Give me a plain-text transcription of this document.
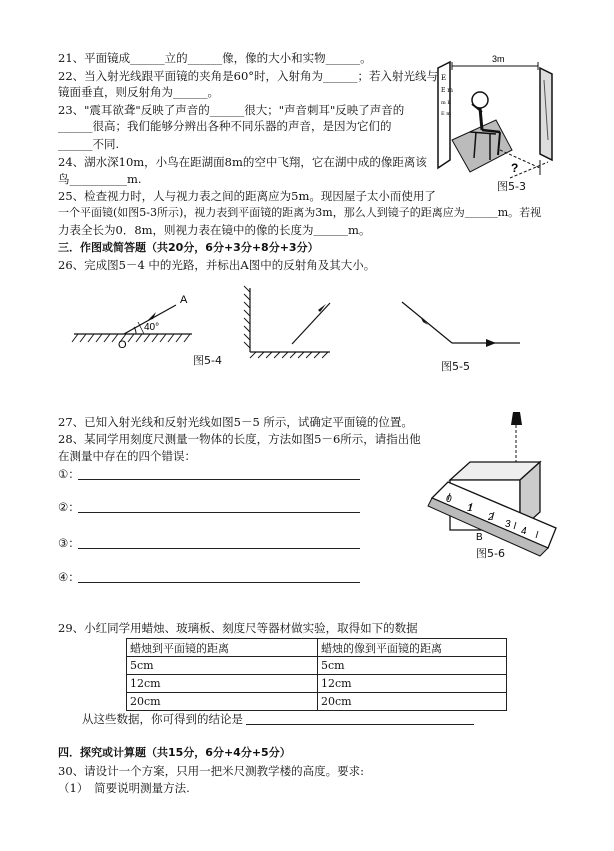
21、平面镜成______立的______像，像的大小和实物______。
22、当入射光线跟平面镜的夹角是60°时，入射角为______；若入射光线与
镜面垂直，则反射角为______。
23、"震耳欲聋"反映了声音的______很大；"声音刺耳"反映了声音的
______很高；我们能够分辨出各种不同乐器的声音，是因为它们的
______不同.
24、湖水深10m，小鸟在距湖面8m的空中飞翔，它在湖中成的像距离该
鸟__________m.
25、检查视力时，人与视力表之间的距离应为5m。现因屋子太小而使用了
一个平面镜(如图5-3所示)，视力表到平面镜的距离为3m，那么人到镜子的距离应为＿＿＿m。若视
力表全长为0．8m，则视力表在镜中的像的长度为＿＿＿m。
E
E m
m E
E m
3m
?
图5-3
三．作图或简答题（共20分，6分+3分+8分+3分）
26、完成图5－4 中的光路，并标出A图中的反射角及其大小。
A
40°
O
图5-4	图5-5
27、已知入射光线和反射光线如图5－5 所示，试确定平面镜的位置。
28、某同学用刻度尺测量一物体的长度，方法如图5－6所示，请指出他
在测量中存在的四个错误：
①：
②：
③：
④：
0
1
2
3
4
B
图5-6
29、小红同学用蜡烛、玻璃板、刻度尺等器材做实验，取得如下的数据
蜡烛到平面镜的距离	蜡烛的像到平面镜的距离
5cm	5cm
12cm	12cm
20cm	20cm
从这些数据，你可得到的结论是
四．探究或计算题（共15分，6分+4分+5分）
30、请设计一个方案，只用一把米尺测教学楼的高度。要求:
（1）　简要说明测量方法.
